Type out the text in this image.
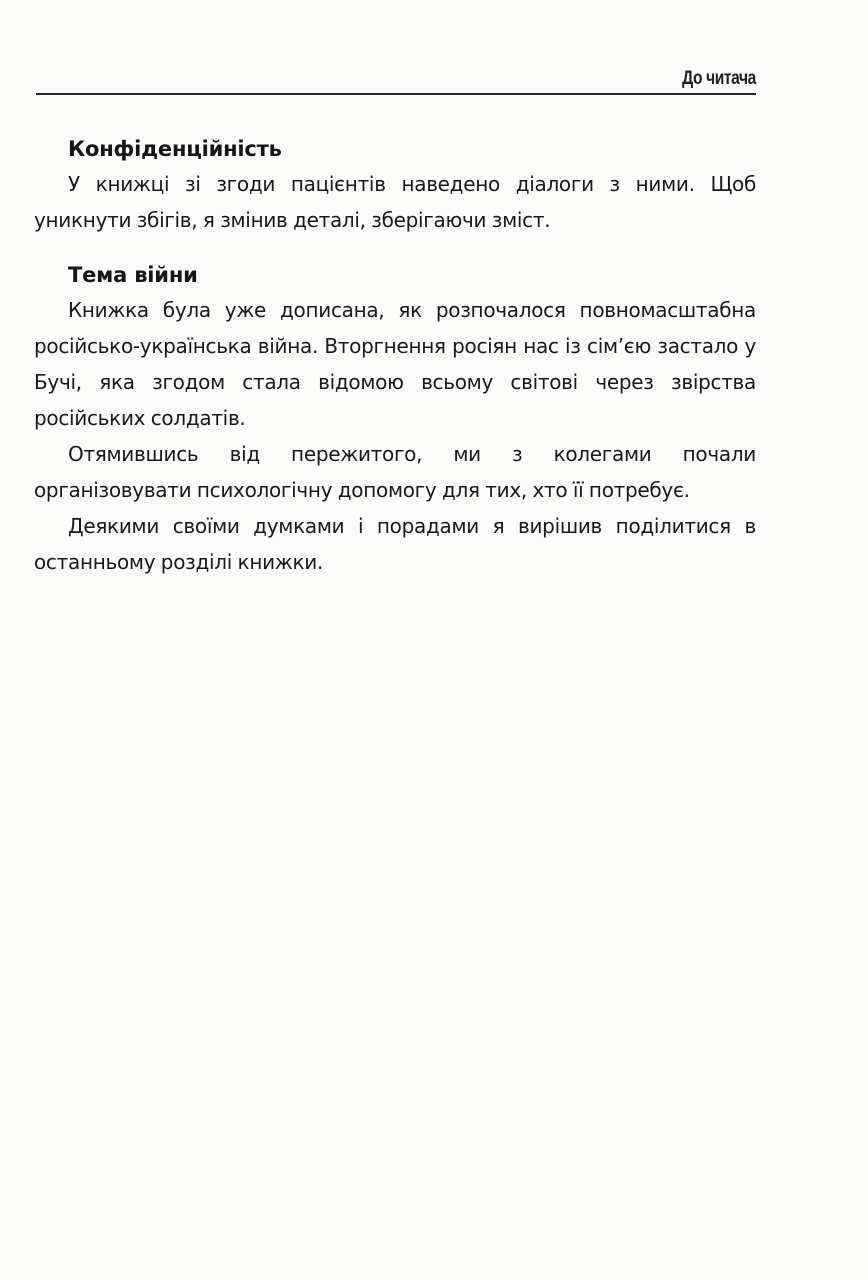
До читача
Конфіденційність

У книжці зі згоди пацієнтів наведено діалоги з ними. Щоб уникнути збігів, я змінив деталі, зберігаючи зміст.

Тема війни

Книжка була уже дописана, як розпочалося повномасштабна російсько-українська війна. Вторгнення росіян нас із сім’єю застало у Бучі, яка згодом стала відомою всьому світові через звірства російських солдатів.

Отямившись від пережитого, ми з колегами почали організовувати психологічну допомогу для тих, хто її потребує.

Деякими своїми думками і порадами я вирішив поділитися в останньому розділі книжки.
